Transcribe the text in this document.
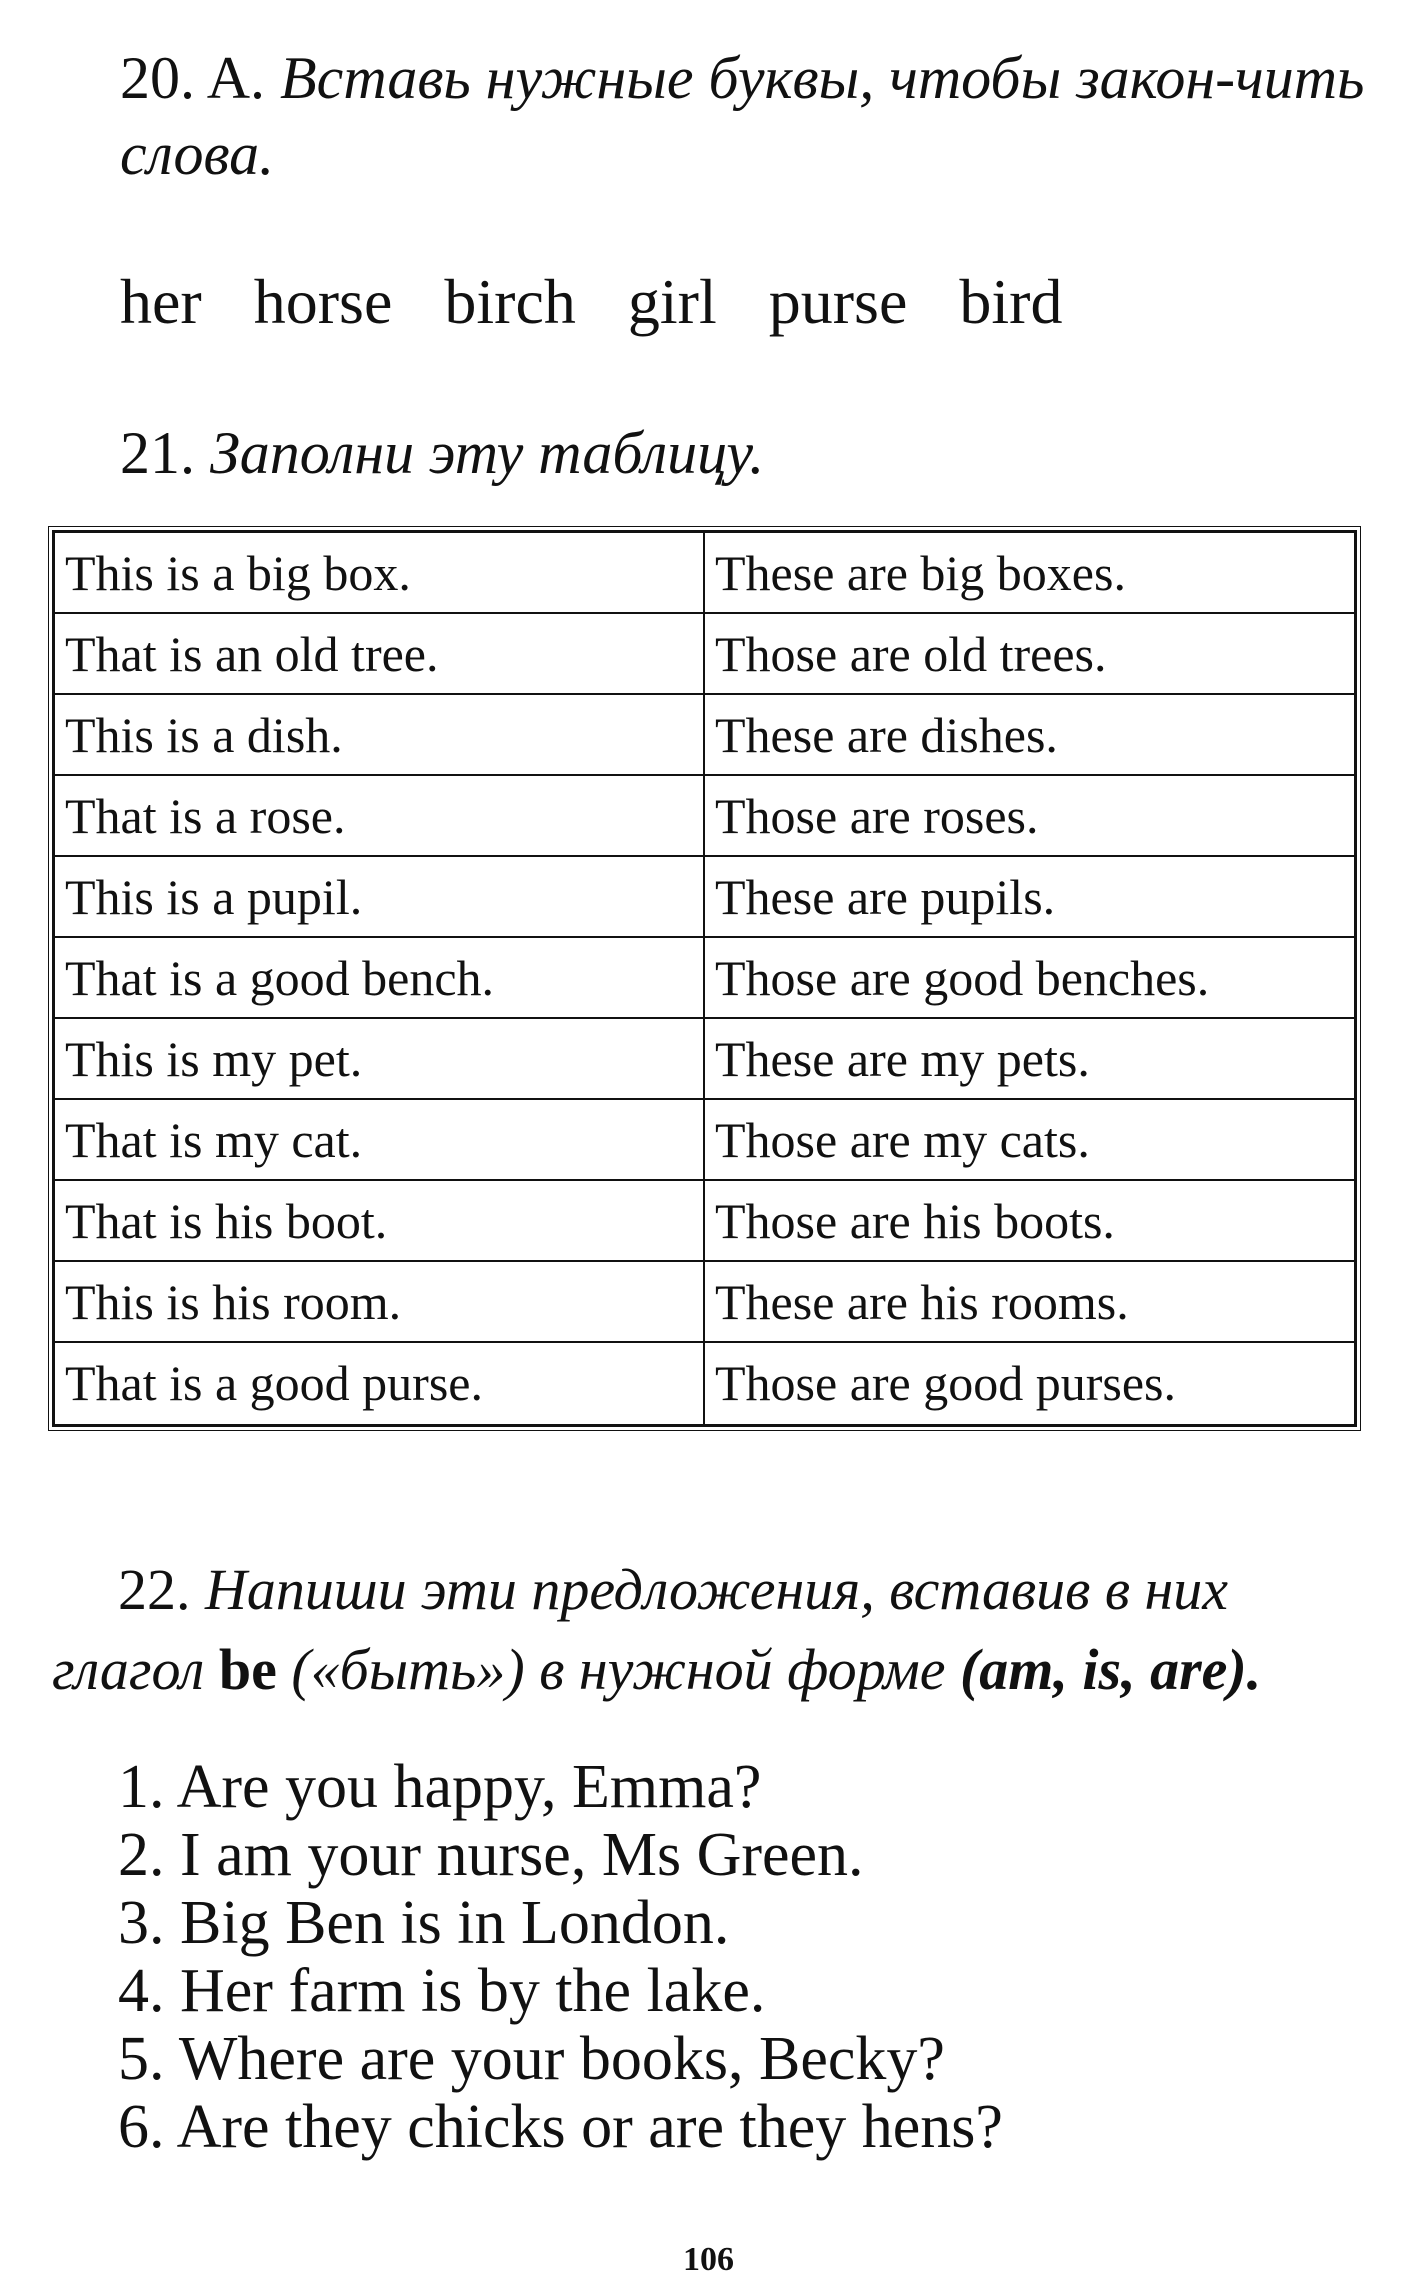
20. A. Вставь нужные буквы, чтобы закон-чить слова.

her horse birch girl purse bird

21. Заполни эту таблицу.

This is a big box.	These are big boxes.
That is an old tree.	Those are old trees.
This is a dish.	These are dishes.
That is a rose.	Those are roses.
This is a pupil.	These are pupils.
That is a good bench.	Those are good benches.
This is my pet.	These are my pets.
That is my cat.	Those are my cats.
That is his boot.	Those are his boots.
This is his room.	These are his rooms.
That is a good purse.	Those are good purses.

22. Напиши эти предложения, вставив в них глагол be («быть») в нужной форме (am, is, are).

1. Are you happy, Emma?
2. I am your nurse, Ms Green.
3. Big Ben is in London.
4. Her farm is by the lake.
5. Where are your books, Becky?
6. Are they chicks or are they hens?
106
